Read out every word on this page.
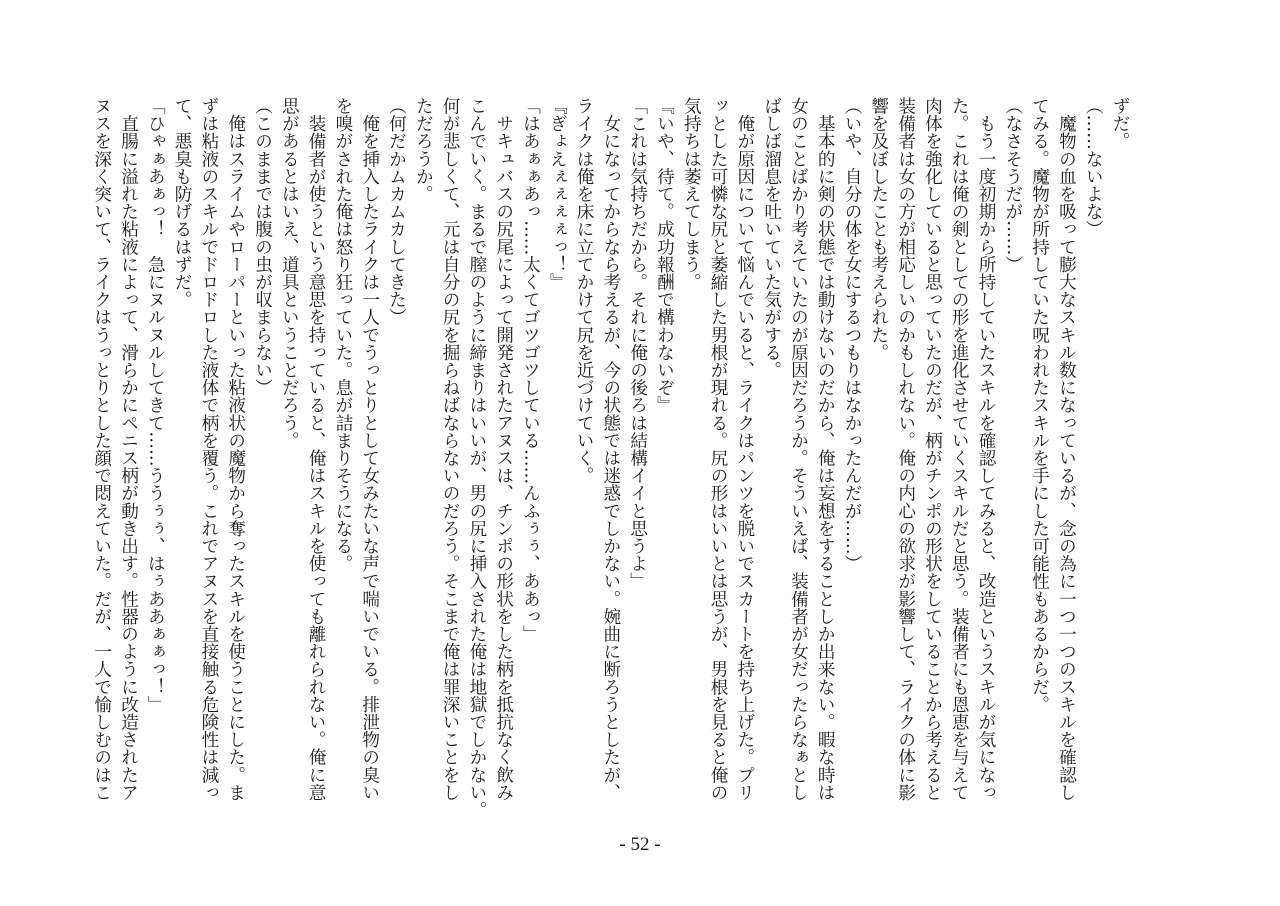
ずだ。
（……ないよな）
　魔物の血を吸って膨大なスキル数になっているが、念の為に一つ一つのスキルを確認し
てみる。魔物が所持していた呪われたスキルを手にした可能性もあるからだ。
（なさそうだが……）
　もう一度初期から所持していたスキルを確認してみると、改造というスキルが気になっ
た。これは俺の剣としての形を進化させていくスキルだと思う。装備者にも恩恵を与えて
肉体を強化していると思っていたのだが、柄がチンポの形状をしていることから考えると
装備者は女の方が相応しいのかもしれない。俺の内心の欲求が影響して、ライクの体に影
響を及ぼしたことも考えられた。
（いや、自分の体を女にするつもりはなかったんだが……）
　基本的に剣の状態では動けないのだから、俺は妄想をすることしか出来ない。暇な時は
女のことばかり考えていたのが原因だろうか。そういえば、装備者が女だったらなぁとし
ばしば溜息を吐いていた気がする。
　俺が原因について悩んでいると、ライクはパンツを脱いでスカートを持ち上げた。プリ
ッとした可憐な尻と萎縮した男根が現れる。尻の形はいいとは思うが、男根を見ると俺の
気持ちは萎えてしまう。
『いや、待て。成功報酬で構わないぞ』
「これは気持ちだから。それに俺の後ろは結構イイと思うよ」
　女になってからなら考えるが、今の状態では迷惑でしかない。婉曲に断ろうとしたが、
ライクは俺を床に立てかけて尻を近づけていく。
『ぎょえぇぇぇぇっ！』
「はあぁぁあっ……太くてゴツゴツしている……んふぅぅ、ああっ」
　サキュバスの尻尾によって開発されたアヌスは、チンポの形状をした柄を抵抗なく飲み
こんでいく。まるで膣のように締まりはいいが、男の尻に挿入された俺は地獄でしかない。
何が悲しくて、元は自分の尻を掘らねばならないのだろう。そこまで俺は罪深いことをし
ただろうか。
（何だかムカムカしてきた）
　俺を挿入したライクは一人でうっとりとして女みたいな声で喘いでいる。排泄物の臭い
を嗅がされた俺は怒り狂っていた。息が詰まりそうになる。
　装備者が使うという意思を持っていると、俺はスキルを使っても離れられない。俺に意
思があるとはいえ、道具ということだろう。
（このままでは腹の虫が収まらない）
　俺はスライムやローパーといった粘液状の魔物から奪ったスキルを使うことにした。ま
ずは粘液のスキルでドロドロした液体で柄を覆う。これでアヌスを直接触る危険性は減っ
て、悪臭も防げるはずだ。
「ひゃぁあぁっ！　急にヌルヌルしてきて……ううぅぅ、はぅああぁぁっ！」
　直腸に溢れた粘液によって、滑らかにペニス柄が動き出す。性器のように改造されたア
ヌスを深く突いて、ライクはうっとりとした顔で悶えていた。だが、一人で愉しむのはこ
- 52 -
